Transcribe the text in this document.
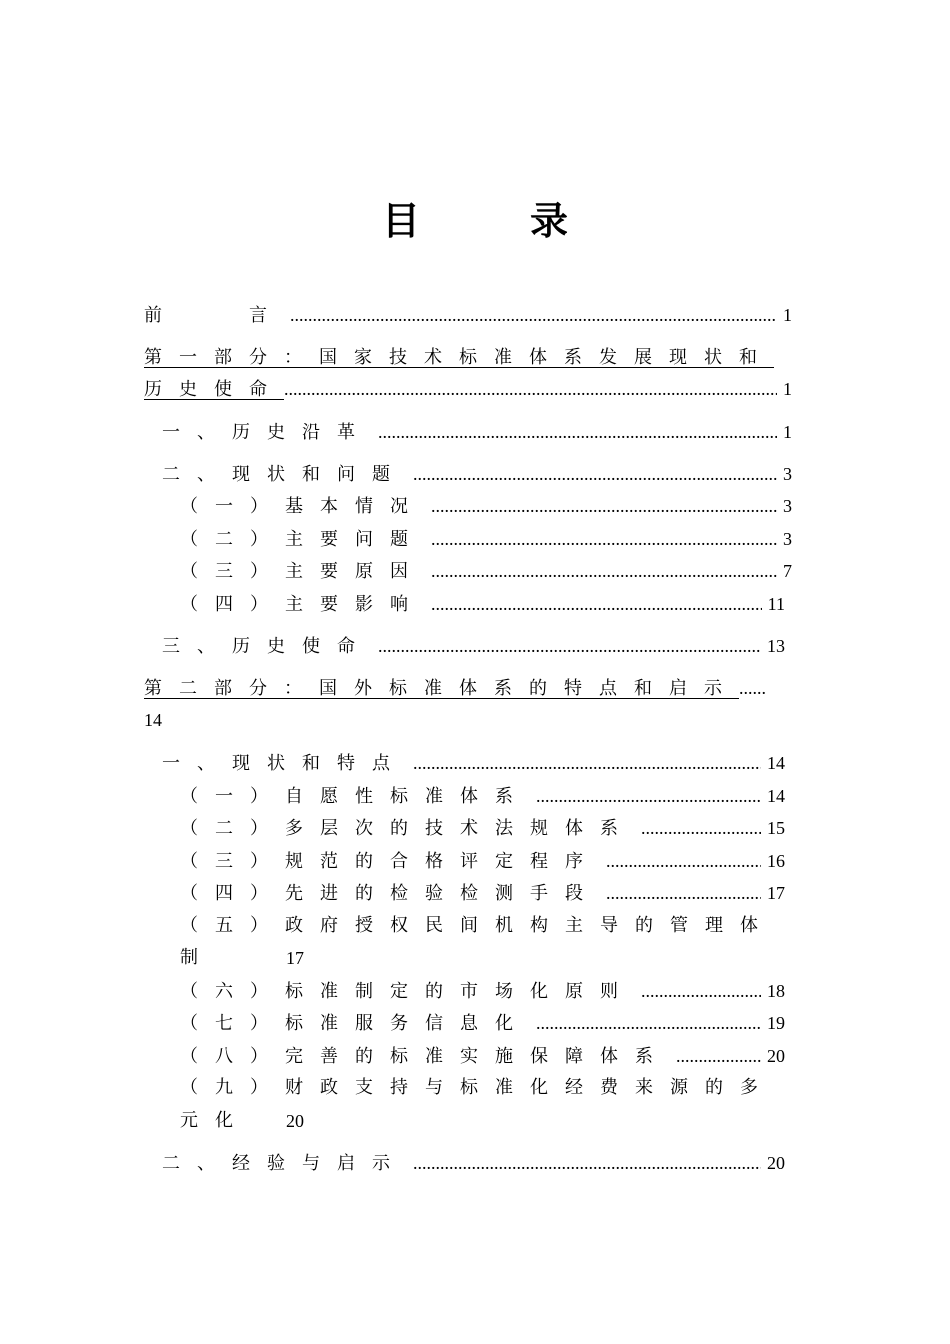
目　录
前　　言 .....	1
第一部分：国家技术标准体系发展现状和
历史使命 .....	1
一、历史沿革 .....	1
二、现状和问题 .....	3
（一）基本情况 .....	3
（二）主要问题 .....	3
（三）主要原因 .....	7
（四）主要影响 .....	11
三、历史使命 .....	13
第二部分：国外标准体系的特点和启示......
14
一、现状和特点 .....	14
（一）自愿性标准体系 .....	14
（二）多层次的技术法规体系 .....	15
（三）规范的合格评定程序 .....	16
（四）先进的检验检测手段 .....	17
（五）政府授权民间机构主导的管理体
制	17
（六）标准制定的市场化原则 .....	18
（七）标准服务信息化 .....	19
（八）完善的标准实施保障体系 .....	20
（九）财政支持与标准化经费来源的多
元化 20
二、经验与启示 .....	20
